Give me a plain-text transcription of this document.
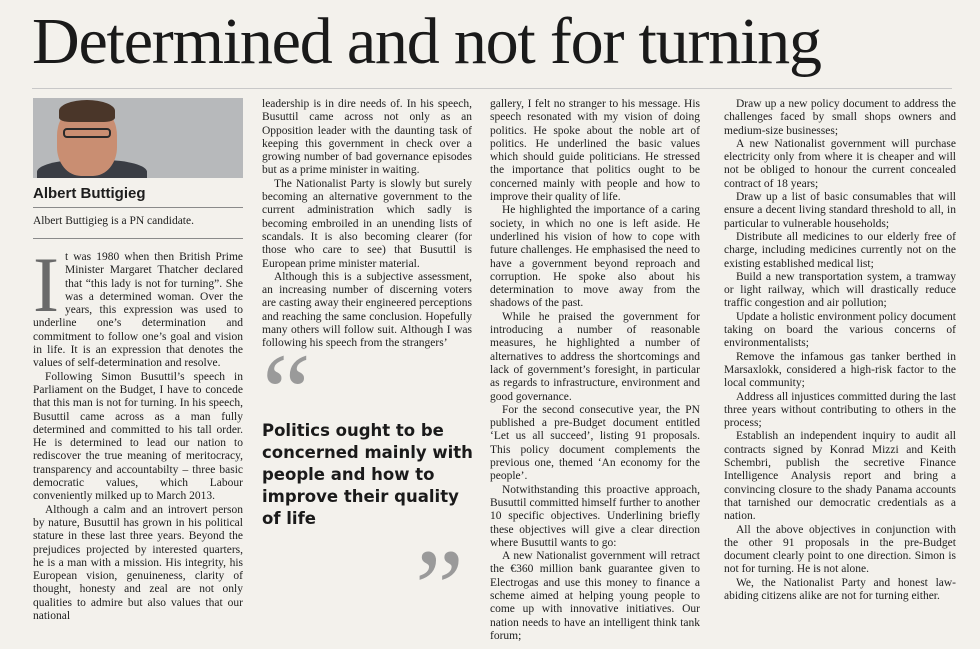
Determined and not for turning
Albert Buttigieg
Albert Buttigieg is a PN candidate.
I t was 1980 when then British Prime Minister Margaret Thatcher declared that “this lady is not for turning”. She was a determined woman. Over the years, this expression was used to underline one’s determination and commitment to follow one’s goal and vision in life. It is an expression that denotes the values of self-determination and resolve.

Following Simon Busuttil’s speech in Parliament on the Budget, I have to concede that this man is not for turning. In his speech, Busuttil came across as a man fully determined and committed to his tall order. He is determined to lead our nation to rediscover the true meaning of meritocracy, transparency and accountabilty – three basic democratic values, which Labour conveniently milked up to March 2013.

Although a calm and an introvert person by nature, Busuttil has grown in his political stature in these last three years. Beyond the prejudices projected by interested quarters, he is a man with a mission. His integrity, his European vision, genuineness, clarity of thought, honesty and zeal are not only qualities to admire but also values that our national

leadership is in dire needs of. In his speech, Busuttil came across not only as an Opposition leader with the daunting task of keeping this government in check over a growing number of bad governance episodes but as a prime minister in waiting.

The Nationalist Party is slowly but surely becoming an alternative government to the current administration which sadly is becoming embroiled in an unending lists of scandals. It is also becoming clearer (for those who care to see) that Busuttil is European prime minister material.

Although this is a subjective assessment, an increasing number of discerning voters are casting away their engineered perceptions and reaching the same conclusion. Hopefully many others will follow suit. Although I was following his speech from the strangers’

“
Politics ought to be concerned mainly with people and how to improve their quality of life
”

gallery, I felt no stranger to his message. His speech resonated with my vision of doing politics. He spoke about the noble art of politics. He underlined the basic values which should guide politicians. He stressed the importance that politics ought to be concerned mainly with people and how to improve their quality of life.

He highlighted the importance of a caring society, in which no one is left aside. He underlined his vision of how to cope with future challenges. He emphasised the need to have a government beyond reproach and corruption. He spoke also about his determination to move away from the shadows of the past.

While he praised the government for introducing a number of reasonable measures, he highlighted a number of alternatives to address the shortcomings and lack of government’s foresight, in particular as regards to infrastructure, environment and good governance.

For the second consecutive year, the PN published a pre-Budget document entitled ‘Let us all succeed’, listing 91 proposals. This policy document complements the previous one, themed ‘An economy for the people’.

Notwithstanding this proactive approach, Busuttil committed himself further to another 10 specific objectives. Underlining briefly these objectives will give a clear direction where Busuttil wants to go:

A new Nationalist government will retract the €360 million bank guarantee given to Electrogas and use this money to finance a scheme aimed at helping young people to come up with innovative initiatives. Our nation needs to have an intelligent think tank forum;

Draw up a new policy document to address the challenges faced by small shops owners and medium-size businesses;

A new Nationalist government will purchase electricity only from where it is cheaper and will not be obliged to honour the current concealed contract of 18 years;

Draw up a list of basic consumables that will ensure a decent living standard threshold to all, in particular to vulnerable households;

Distribute all medicines to our elderly free of charge, including medicines currently not on the existing established medical list;

Build a new transportation system, a tramway or light railway, which will drastically reduce traffic congestion and air pollution;

Update a holistic environment policy document taking on board the various concerns of environmentalists;

Remove the infamous gas tanker berthed in Marsaxlokk, considered a high-risk factor to the local community;

Address all injustices committed during the last three years without contributing to others in the process;

Establish an independent inquiry to audit all contracts signed by Konrad Mizzi and Keith Schembri, publish the secretive Finance Intelligence Analysis report and bring a convincing closure to the shady Panama accounts that tarnished our democratic credentials as a nation.

All the above objectives in conjunction with the other 91 proposals in the pre-Budget document clearly point to one direction. Simon is not for turning. He is not alone.

We, the Nationalist Party and honest law-abiding citizens alike are not for turning either.
